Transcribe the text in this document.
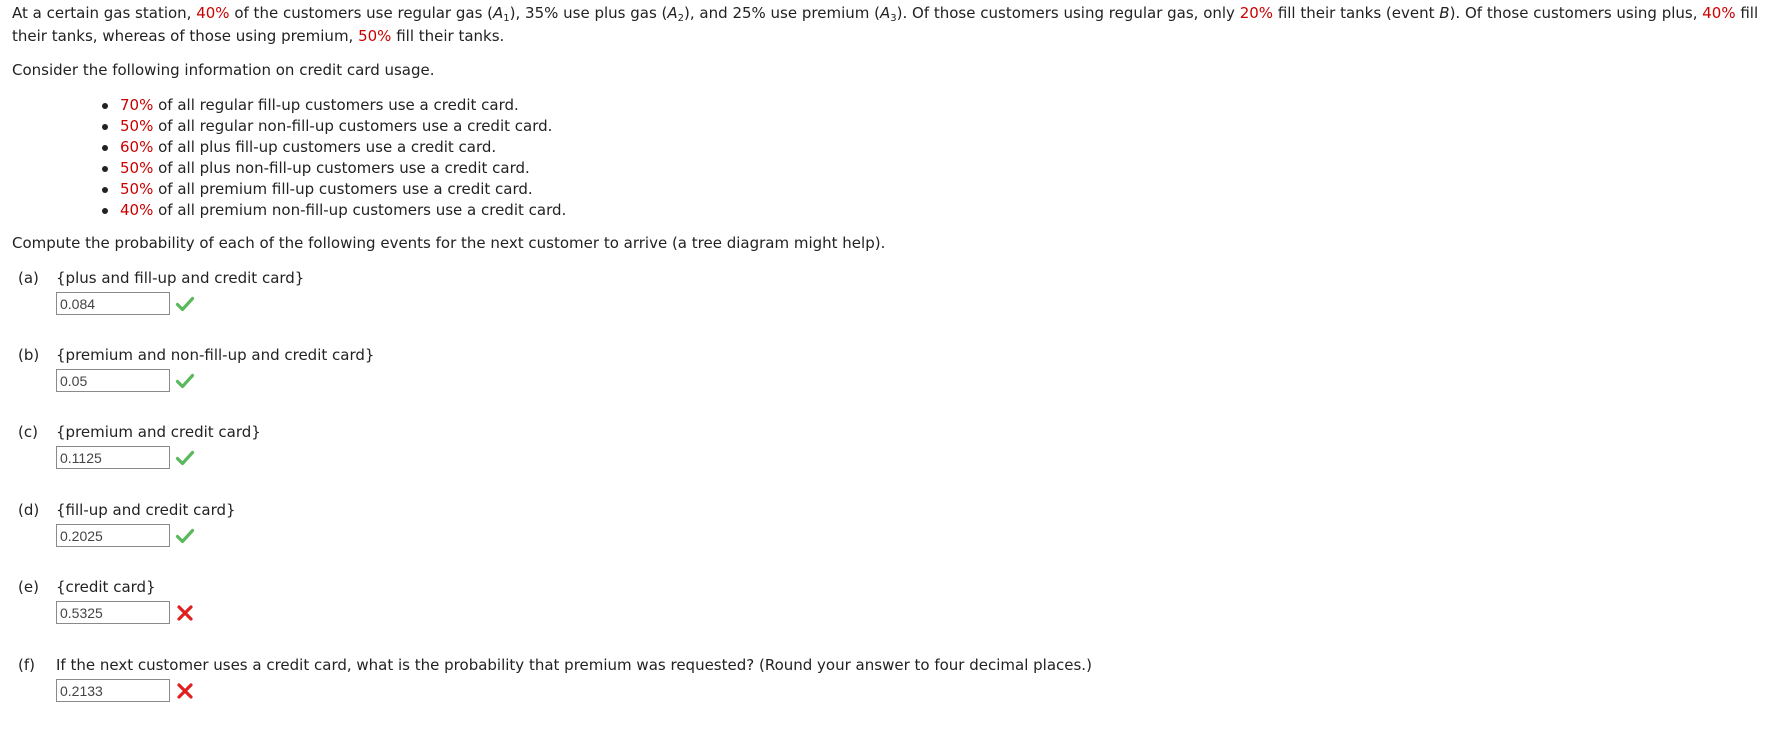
At a certain gas station, 40% of the customers use regular gas $(A_1)$, 35% use plus gas $(A_2)$, and 25% use premium $(A_3)$. Of those customers using regular gas, only 20% fill their tanks (event B). Of those customers using plus, 40% fill their tanks, whereas of those using premium, 50% fill their tanks.
Consider the following information on credit card usage.
70% of all regular fill-up customers use a credit card.
50% of all regular non-fill-up customers use a credit card.
60% of all plus fill-up customers use a credit card.
50% of all plus non-fill-up customers use a credit card.
50% of all premium fill-up customers use a credit card.
40% of all premium non-fill-up customers use a credit card.
Compute the probability of each of the following events for the next customer to arrive (a tree diagram might help).
(a)	{plus and fill-up and credit card}
0.084
(b)	{premium and non-fill-up and credit card}
0.05
(c)	{premium and credit card}
0.1125
(d)	{fill-up and credit card}
0.2025
(e)	{credit card}
0.5325
(f)	If the next customer uses a credit card, what is the probability that premium was requested? (Round your answer to four decimal places.)
0.2133
